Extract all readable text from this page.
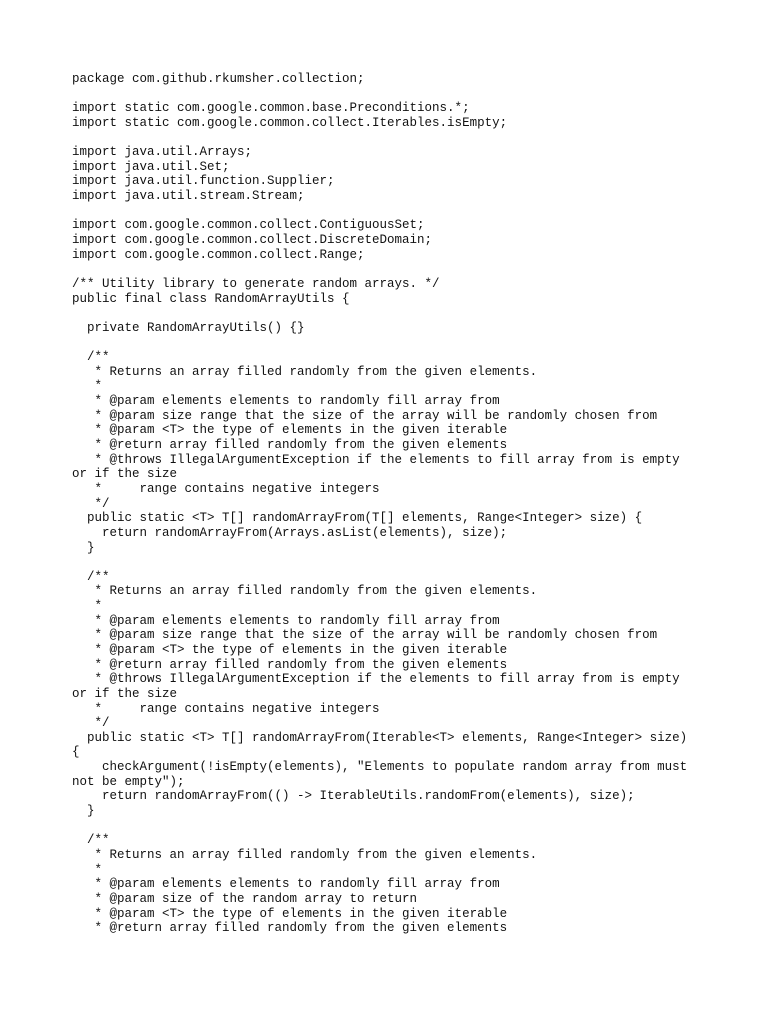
package com.github.rkumsher.collection;
import static com.google.common.base.Preconditions.*;
import static com.google.common.collect.Iterables.isEmpty;
import java.util.Arrays;
import java.util.Set;
import java.util.function.Supplier;
import java.util.stream.Stream;
import com.google.common.collect.ContiguousSet;
import com.google.common.collect.DiscreteDomain;
import com.google.common.collect.Range;
/** Utility library to generate random arrays. */
public final class RandomArrayUtils {
private RandomArrayUtils() {}
/**
* Returns an array filled randomly from the given elements.
*
* @param elements elements to randomly fill array from
* @param size range that the size of the array will be randomly chosen from
* @param <T> the type of elements in the given iterable
* @return array filled randomly from the given elements
* @throws IllegalArgumentException if the elements to fill array from is empty
or if the size
*     range contains negative integers
*/
public static <T> T[] randomArrayFrom(T[] elements, Range<Integer> size) {
return randomArrayFrom(Arrays.asList(elements), size);
}
/**
* Returns an array filled randomly from the given elements.
*
* @param elements elements to randomly fill array from
* @param size range that the size of the array will be randomly chosen from
* @param <T> the type of elements in the given iterable
* @return array filled randomly from the given elements
* @throws IllegalArgumentException if the elements to fill array from is empty
or if the size
*     range contains negative integers
*/
public static <T> T[] randomArrayFrom(Iterable<T> elements, Range<Integer> size)
{
checkArgument(!isEmpty(elements), "Elements to populate random array from must
not be empty");
return randomArrayFrom(() -> IterableUtils.randomFrom(elements), size);
}
/**
* Returns an array filled randomly from the given elements.
*
* @param elements elements to randomly fill array from
* @param size of the random array to return
* @param <T> the type of elements in the given iterable
* @return array filled randomly from the given elements
